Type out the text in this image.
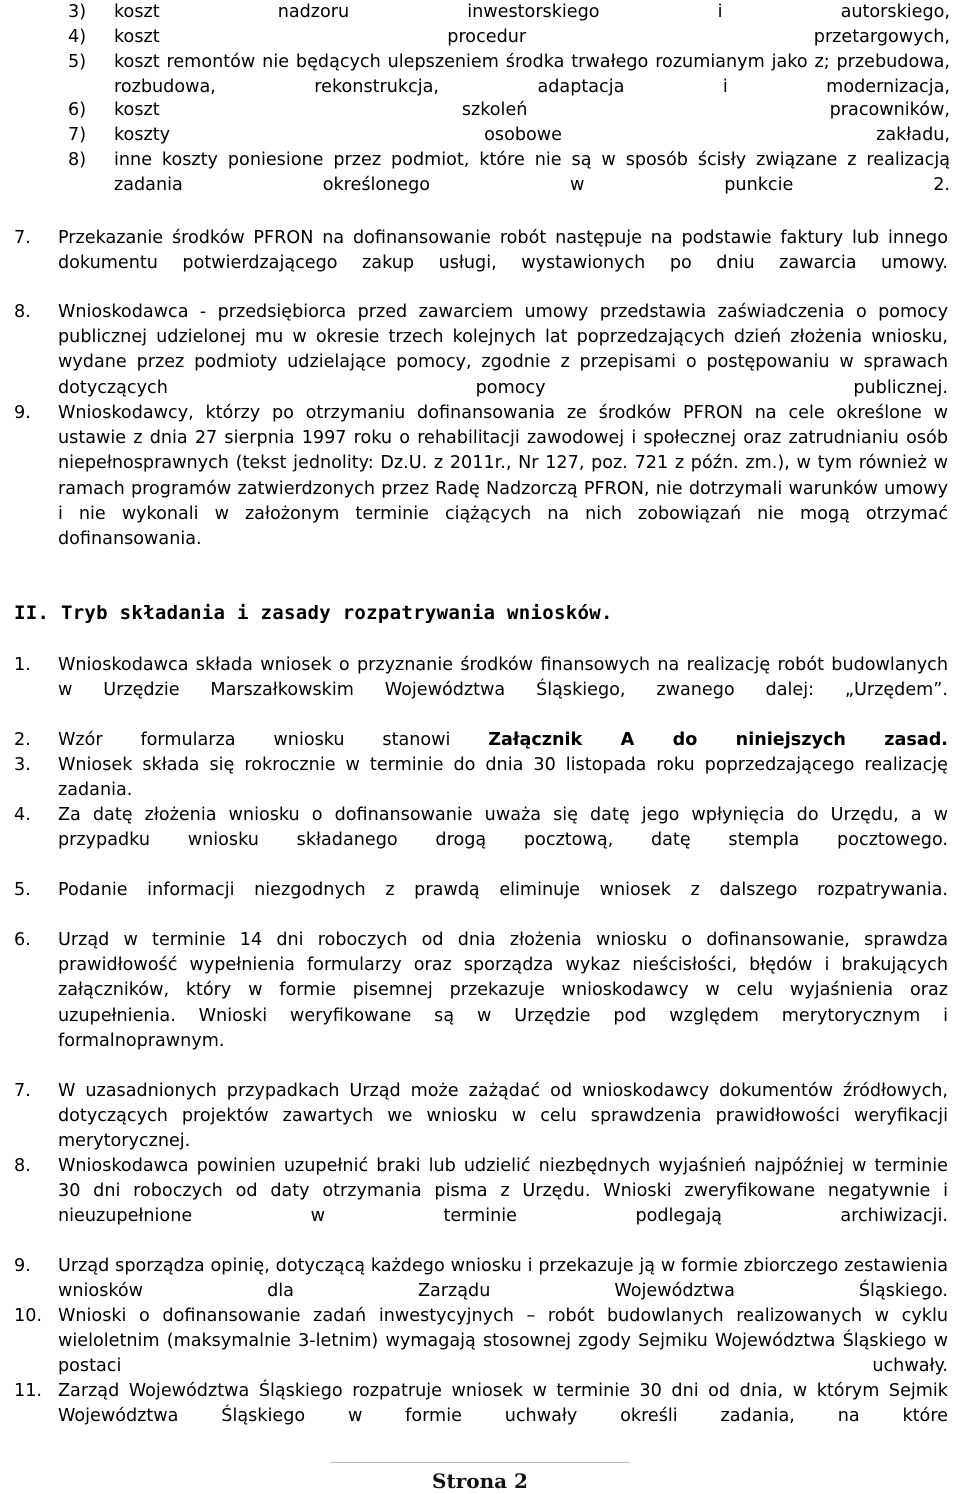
3) koszt nadzoru inwestorskiego i autorskiego,
4) koszt procedur przetargowych,
5) koszt remontów nie będących ulepszeniem środka trwałego rozumianym jako z; przebudowa, rozbudowa, rekonstrukcja, adaptacja i modernizacja,
6) koszt szkoleń pracowników,
7) koszty osobowe zakładu,
8) inne koszty poniesione przez podmiot, które nie są w sposób ścisły związane z realizacją zadania określonego w punkcie 2.
7. Przekazanie środków PFRON na dofinansowanie robót następuje na podstawie faktury lub innego dokumentu potwierdzającego zakup usługi, wystawionych po dniu zawarcia umowy.
8. Wnioskodawca - przedsiębiorca przed zawarciem umowy przedstawia zaświadczenia o pomocy publicznej udzielonej mu w okresie trzech kolejnych lat poprzedzających dzień złożenia wniosku, wydane przez podmioty udzielające pomocy, zgodnie z przepisami o postępowaniu w sprawach dotyczących pomocy publicznej.
9. Wnioskodawcy, którzy po otrzymaniu dofinansowania ze środków PFRON na cele określone w ustawie z dnia 27 sierpnia 1997 roku o rehabilitacji zawodowej i społecznej oraz zatrudnianiu osób niepełnosprawnych (tekst jednolity: Dz.U. z 2011r., Nr 127, poz. 721 z późn. zm.), w tym również w ramach programów zatwierdzonych przez Radę Nadzorczą PFRON, nie dotrzymali warunków umowy i nie wykonali w założonym terminie ciążących na nich zobowiązań nie mogą otrzymać dofinansowania.
II. Tryb składania i zasady rozpatrywania wniosków.
1. Wnioskodawca składa wniosek o przyznanie środków finansowych na realizację robót budowlanych w Urzędzie Marszałkowskim Województwa Śląskiego, zwanego dalej: „Urzędem”.
2. Wzór formularza wniosku stanowi Załącznik A do niniejszych zasad.
3. Wniosek składa się rokrocznie w terminie do dnia 30 listopada roku poprzedzającego realizację zadania.
4. Za datę złożenia wniosku o dofinansowanie uważa się datę jego wpłynięcia do Urzędu, a w przypadku wniosku składanego drogą pocztową, datę stempla pocztowego.
5. Podanie informacji niezgodnych z prawdą eliminuje wniosek z dalszego rozpatrywania.
6. Urząd w terminie 14 dni roboczych od dnia złożenia wniosku o dofinansowanie, sprawdza prawidłowość wypełnienia formularzy oraz sporządza wykaz nieścisłości, błędów i brakujących załączników, który w formie pisemnej przekazuje wnioskodawcy w celu wyjaśnienia oraz uzupełnienia. Wnioski weryfikowane są w Urzędzie pod względem merytorycznym i formalnoprawnym.
7. W uzasadnionych przypadkach Urząd może zażądać od wnioskodawcy dokumentów źródłowych, dotyczących projektów zawartych we wniosku w celu sprawdzenia prawidłowości weryfikacji merytorycznej.
8. Wnioskodawca powinien uzupełnić braki lub udzielić niezbędnych wyjaśnień najpóźniej w terminie 30 dni roboczych od daty otrzymania pisma z Urzędu. Wnioski zweryfikowane negatywnie i nieuzupełnione w terminie podlegają archiwizacji.
9. Urząd sporządza opinię, dotyczącą każdego wniosku i przekazuje ją w formie zbiorczego zestawienia wniosków dla Zarządu Województwa Śląskiego.
10. Wnioski o dofinansowanie zadań inwestycyjnych – robót budowlanych realizowanych w cyklu wieloletnim (maksymalnie 3-letnim) wymagają stosownej zgody Sejmiku Województwa Śląskiego w postaci uchwały.
11. Zarząd Województwa Śląskiego rozpatruje wniosek w terminie 30 dni od dnia, w którym Sejmik Województwa Śląskiego w formie uchwały określi zadania, na które
Strona 2
